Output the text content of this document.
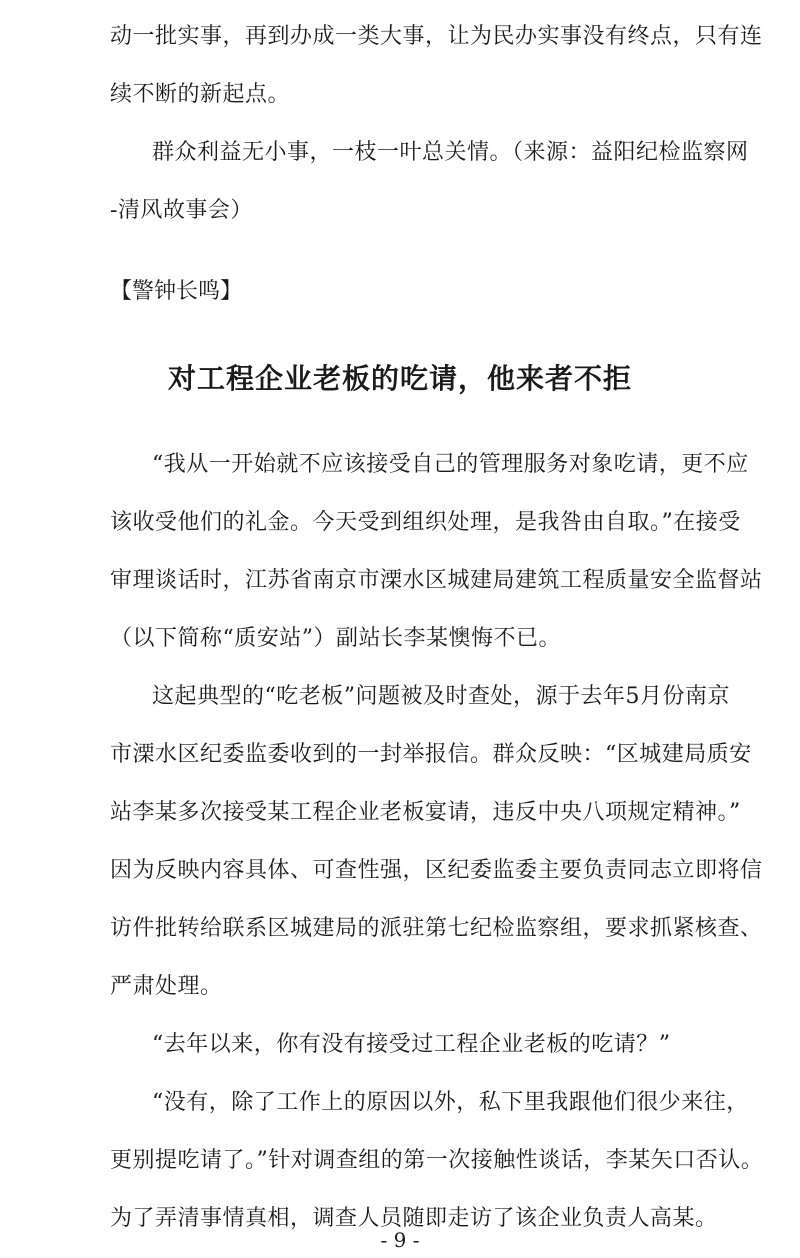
动一批实事，再到办成一类大事，让为民办实事没有终点，只有连
续不断的新起点。
群众利益无小事，一枝一叶总关情。（来源：益阳纪检监察网
-清风故事会）
【警钟长鸣】
对工程企业老板的吃请，他来者不拒
“我从一开始就不应该接受自己的管理服务对象吃请，更不应
该收受他们的礼金。今天受到组织处理，是我咎由自取。”在接受
审理谈话时，江苏省南京市溧水区城建局建筑工程质量安全监督站
（以下简称“质安站”）副站长李某懊悔不已。
这起典型的“吃老板”问题被及时查处，源于去年5月份南京
市溧水区纪委监委收到的一封举报信。群众反映：“区城建局质安
站李某多次接受某工程企业老板宴请，违反中央八项规定精神。”
因为反映内容具体、可查性强，区纪委监委主要负责同志立即将信
访件批转给联系区城建局的派驻第七纪检监察组，要求抓紧核查、
严肃处理。
“去年以来，你有没有接受过工程企业老板的吃请？”
“没有，除了工作上的原因以外，私下里我跟他们很少来往，
更别提吃请了。”针对调查组的第一次接触性谈话，李某矢口否认。
为了弄清事情真相，调查人员随即走访了该企业负责人高某。
- 9 -
